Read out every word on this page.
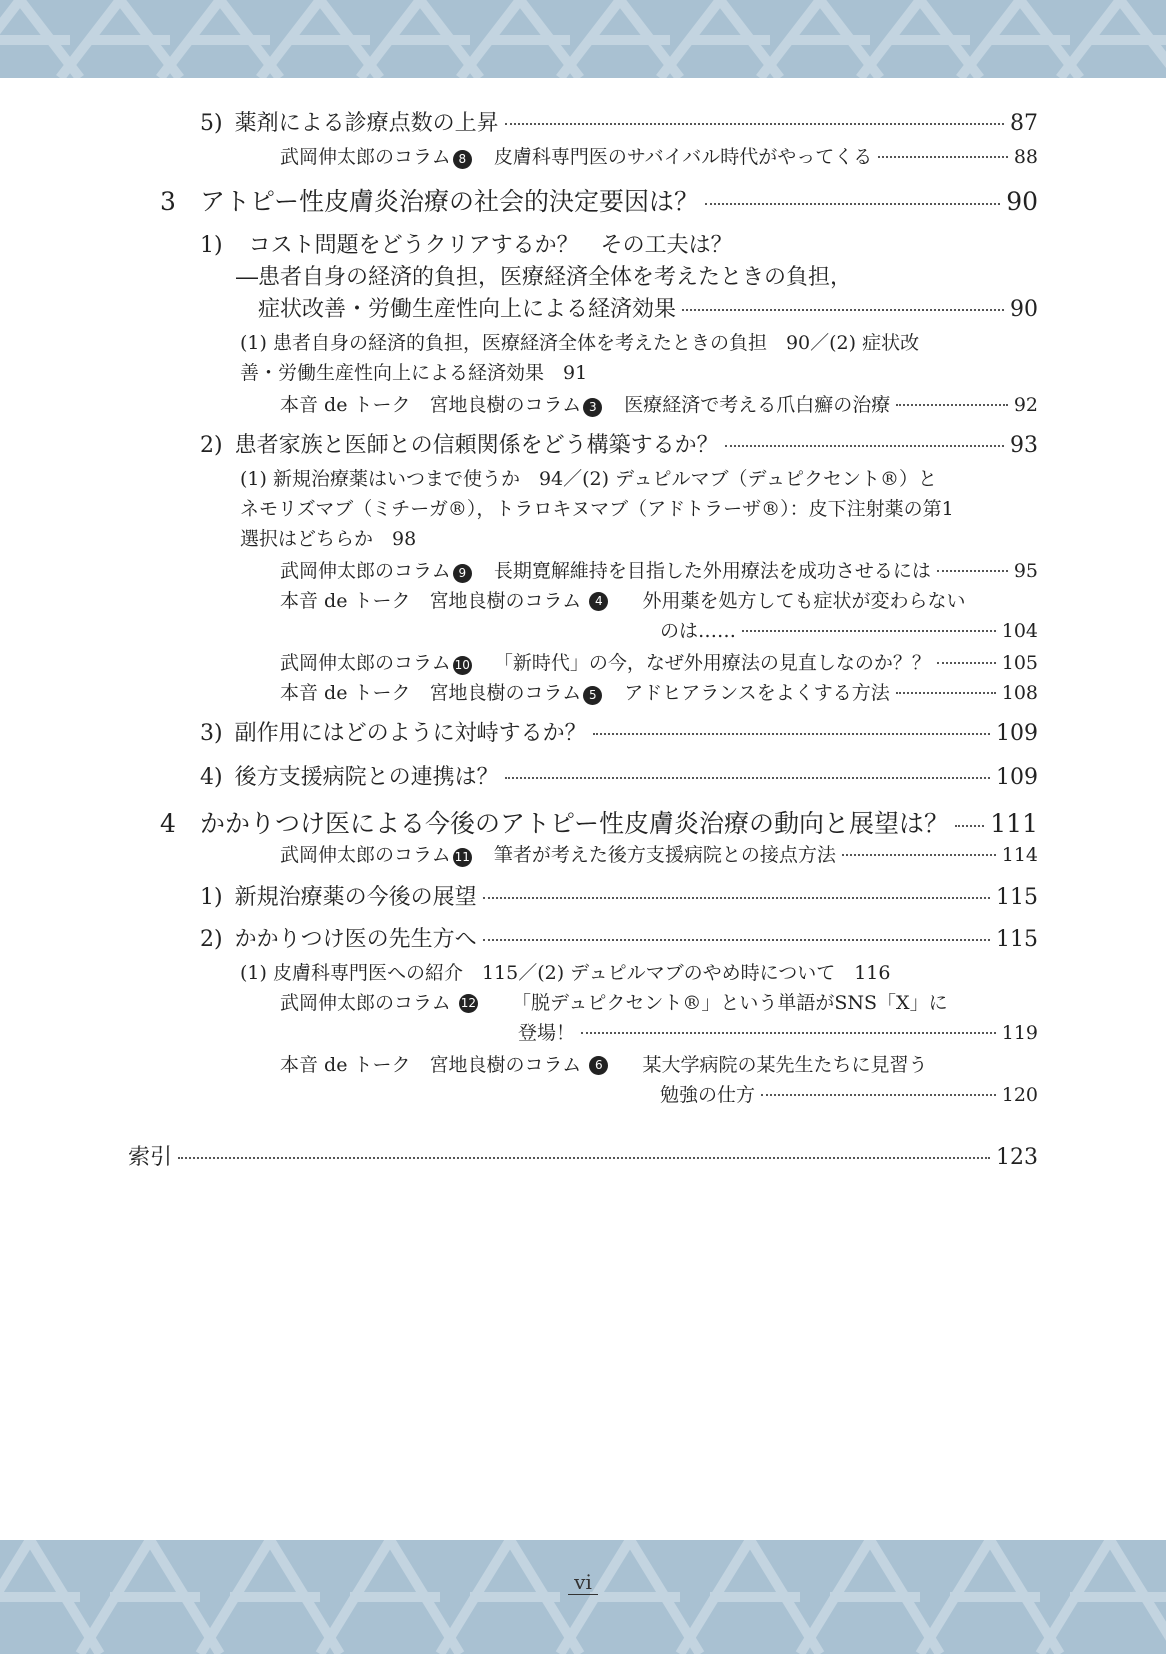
5) 薬剤による診療点数の上昇	87
武岡伸太郎のコラム 8 皮膚科専門医のサバイバル時代がやってくる	88
3 アトピー性皮膚炎治療の社会的決定要因は？	90
1) コスト問題をどうクリアするか？　その工夫は？
―患者自身の経済的負担，医療経済全体を考えたときの負担，
症状改善・労働生産性向上による経済効果	90
(1) 患者自身の経済的負担，医療経済全体を考えたときの負担　90／(2) 症状改
善・労働生産性向上による経済効果　91
本音 de トーク　宮地良樹のコラム 3 医療経済で考える爪白癬の治療	92
2) 患者家族と医師との信頼関係をどう構築するか？	93
(1) 新規治療薬はいつまで使うか　94／(2) デュピルマブ（デュピクセント®）と
ネモリズマブ（ミチーガ®），トラロキヌマブ（アドトラーザ®）：皮下注射薬の第1
選択はどちらか　98
武岡伸太郎のコラム 9 長期寛解維持を目指した外用療法を成功させるには	95
本音 de トーク　宮地良樹のコラム 4 外用薬を処方しても症状が変わらない
のは……	104
武岡伸太郎のコラム 10 「新時代」の今，なぜ外用療法の見直しなのか？？	105
本音 de トーク　宮地良樹のコラム 5 アドヒアランスをよくする方法	108
3) 副作用にはどのように対峙するか？	109
4) 後方支援病院との連携は？	109
4 かかりつけ医による今後のアトピー性皮膚炎治療の動向と展望は？ 111
武岡伸太郎のコラム 11 筆者が考えた後方支援病院との接点方法	114
1) 新規治療薬の今後の展望	115
2) かかりつけ医の先生方へ	115
(1) 皮膚科専門医への紹介　115／(2) デュピルマブのやめ時について　116
武岡伸太郎のコラム 12 「脱デュピクセント®」という単語がSNS「X」に
登場！	119
本音 de トーク　宮地良樹のコラム 6 某大学病院の某先生たちに見習う
勉強の仕方	120
索引	123
vi
